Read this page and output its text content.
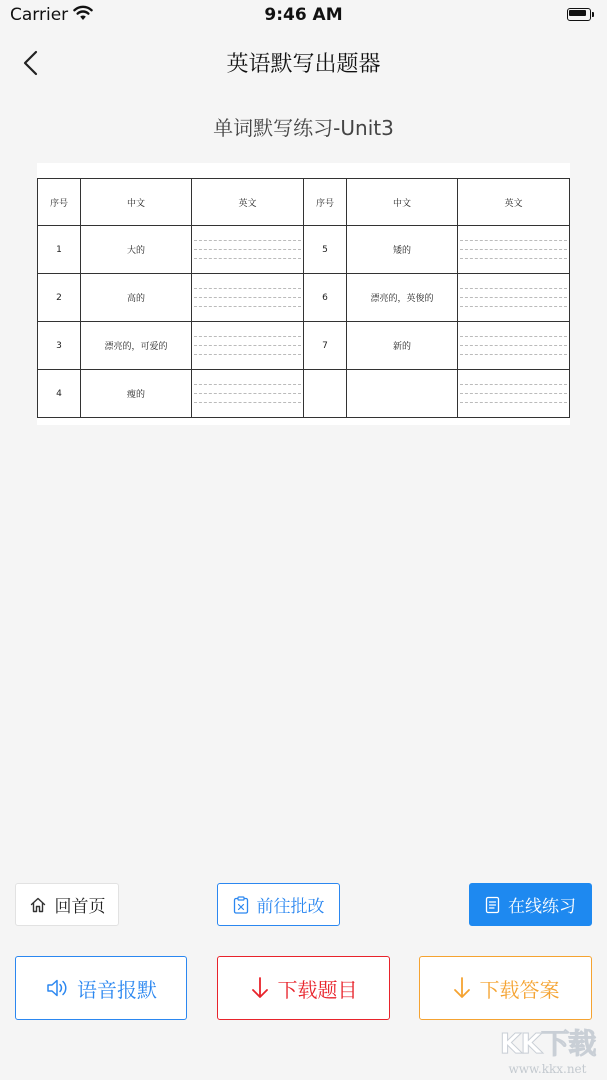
Carrier	9:46 AM
英语默写出题器
单词默写练习-Unit3
序号	中文	英文	序号	中文	英文
1	大的		5	矮的	

2	高的		6	漂亮的，英俊的	

3	漂亮的，可爱的		7	新的	

4	瘦的	

回首页	前往批改	在线练习
语音报默	下载题目	下载答案
KK下载
www.kkx.net
